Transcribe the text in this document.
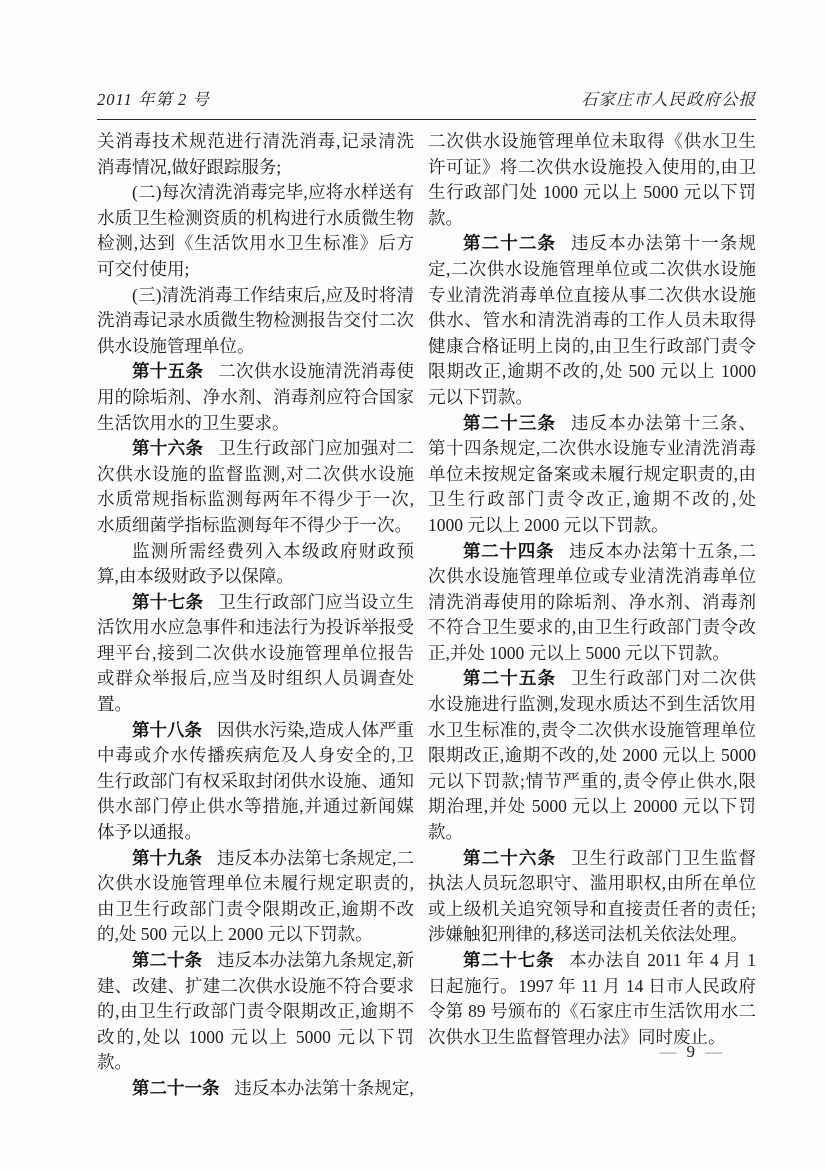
2011 年第 2 号	石家庄市人民政府公报

关消毒技术规范进行清洗消毒,记录清洗消毒情况,做好跟踪服务;

(二)每次清洗消毒完毕,应将水样送有水质卫生检测资质的机构进行水质微生物检测,达到《生活饮用水卫生标准》后方可交付使用;

(三)清洗消毒工作结束后,应及时将清洗消毒记录水质微生物检测报告交付二次供水设施管理单位。

第十五条 二次供水设施清洗消毒使用的除垢剂、净水剂、消毒剂应符合国家生活饮用水的卫生要求。

第十六条 卫生行政部门应加强对二次供水设施的监督监测,对二次供水设施水质常规指标监测每两年不得少于一次,水质细菌学指标监测每年不得少于一次。

监测所需经费列入本级政府财政预算,由本级财政予以保障。

第十七条 卫生行政部门应当设立生活饮用水应急事件和违法行为投诉举报受理平台,接到二次供水设施管理单位报告或群众举报后,应当及时组织人员调查处置。

第十八条 因供水污染,造成人体严重中毒或介水传播疾病危及人身安全的,卫生行政部门有权采取封闭供水设施、通知供水部门停止供水等措施,并通过新闻媒体予以通报。

第十九条 违反本办法第七条规定,二次供水设施管理单位未履行规定职责的,由卫生行政部门责令限期改正,逾期不改的,处 500 元以上 2000 元以下罚款。

第二十条 违反本办法第九条规定,新建、改建、扩建二次供水设施不符合要求的,由卫生行政部门责令限期改正,逾期不改的,处以 1000 元以上 5000 元以下罚款。

第二十一条 违反本办法第十条规定,

二次供水设施管理单位未取得《供水卫生许可证》将二次供水设施投入使用的,由卫生行政部门处 1000 元以上 5000 元以下罚款。

第二十二条 违反本办法第十一条规定,二次供水设施管理单位或二次供水设施专业清洗消毒单位直接从事二次供水设施供水、管水和清洗消毒的工作人员未取得健康合格证明上岗的,由卫生行政部门责令限期改正,逾期不改的,处 500 元以上 1000 元以下罚款。

第二十三条 违反本办法第十三条、第十四条规定,二次供水设施专业清洗消毒单位未按规定备案或未履行规定职责的,由卫生行政部门责令改正,逾期不改的,处 1000 元以上 2000 元以下罚款。

第二十四条 违反本办法第十五条,二次供水设施管理单位或专业清洗消毒单位清洗消毒使用的除垢剂、净水剂、消毒剂不符合卫生要求的,由卫生行政部门责令改正,并处 1000 元以上 5000 元以下罚款。

第二十五条 卫生行政部门对二次供水设施进行监测,发现水质达不到生活饮用水卫生标准的,责令二次供水设施管理单位限期改正,逾期不改的,处 2000 元以上 5000 元以下罚款;情节严重的,责令停止供水,限期治理,并处 5000 元以上 20000 元以下罚款。

第二十六条 卫生行政部门卫生监督执法人员玩忽职守、滥用职权,由所在单位或上级机关追究领导和直接责任者的责任;涉嫌触犯刑律的,移送司法机关依法处理。

第二十七条 本办法自 2011 年 4 月 1 日起施行。1997 年 11 月 14 日市人民政府令第 89 号颁布的《石家庄市生活饮用水二次供水卫生监督管理办法》同时废止。

— 9 —
